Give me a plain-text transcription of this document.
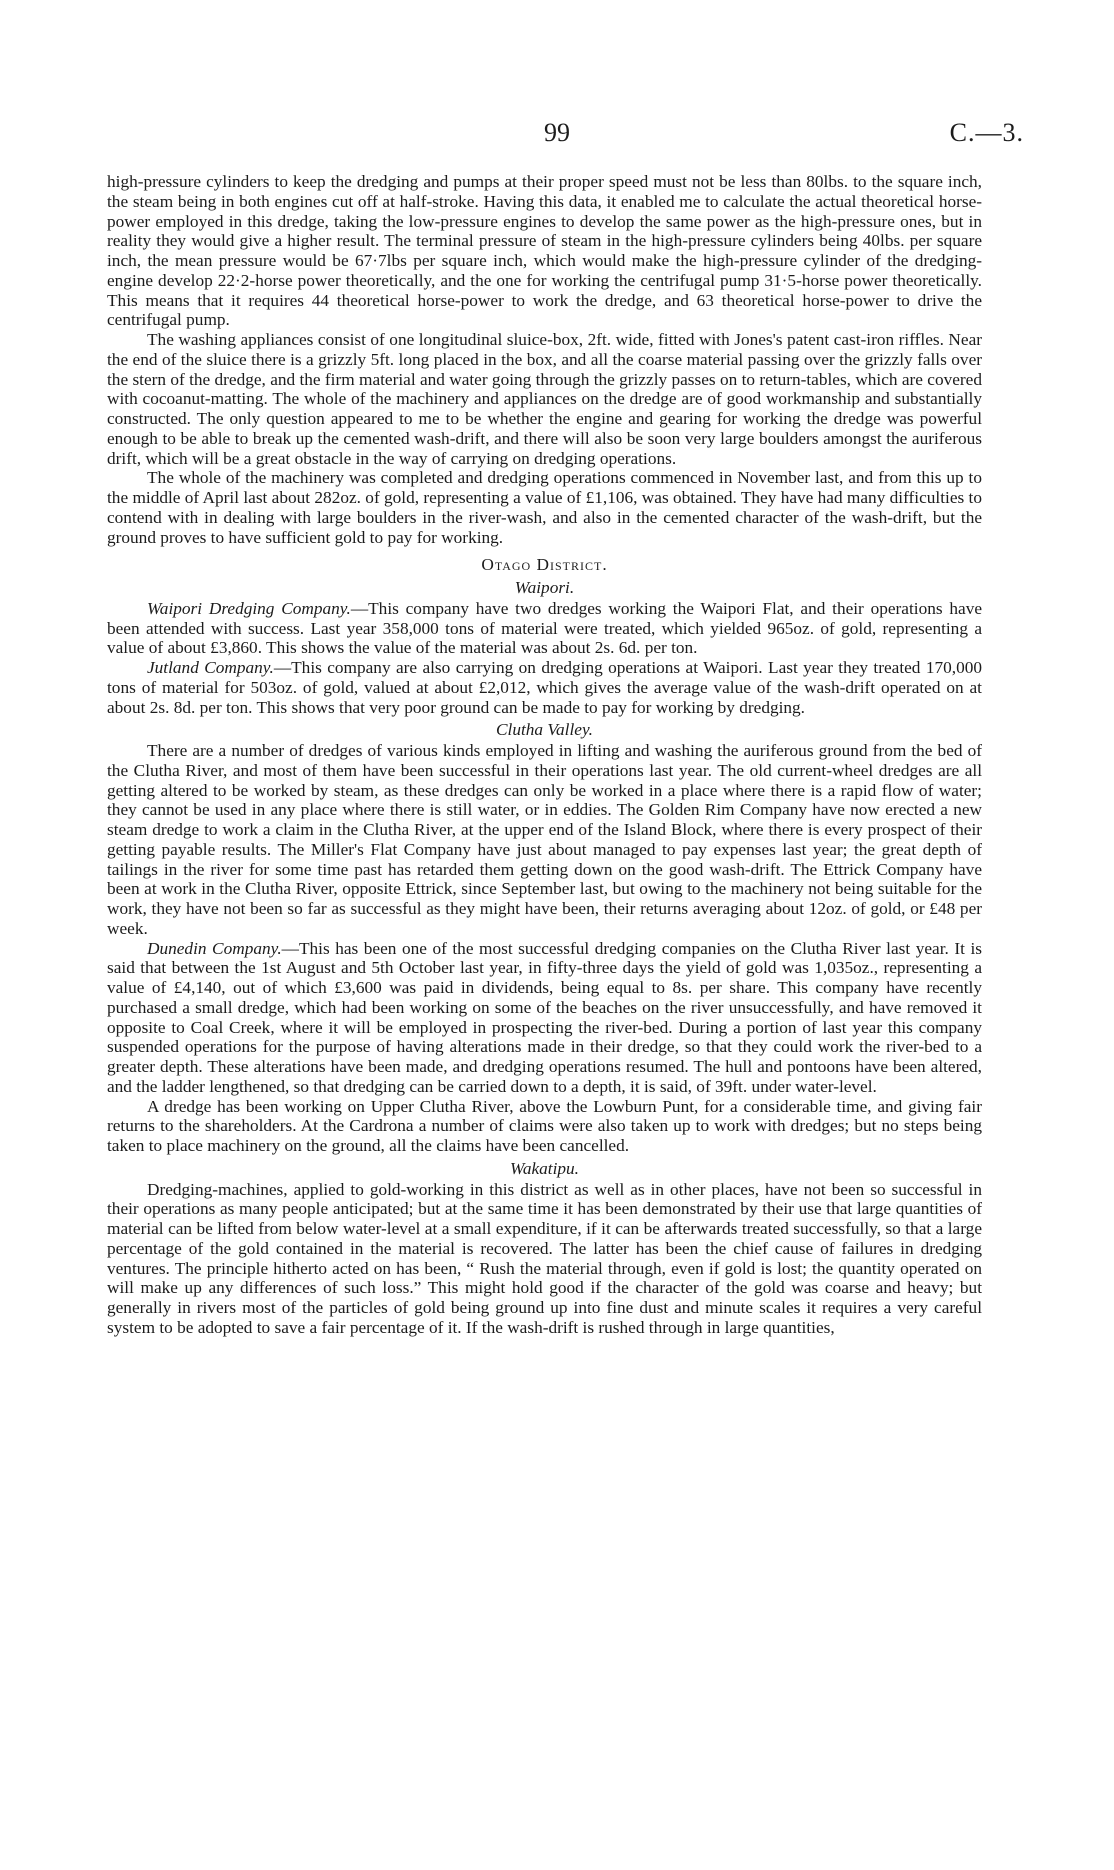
99	C.—3.

high-pressure cylinders to keep the dredging and pumps at their proper speed must not be less than 80lbs. to the square inch, the steam being in both engines cut off at half-stroke. Having this data, it enabled me to calculate the actual theoretical horse-power employed in this dredge, taking the low-pressure engines to develop the same power as the high-pressure ones, but in reality they would give a higher result. The terminal pressure of steam in the high-pressure cylinders being 40lbs. per square inch, the mean pressure would be 67·7lbs per square inch, which would make the high-pressure cylinder of the dredging-engine develop 22·2-horse power theoretically, and the one for working the centrifugal pump 31·5-horse power theoretically. This means that it requires 44 theoretical horse-power to work the dredge, and 63 theoretical horse-power to drive the centrifugal pump.

The washing appliances consist of one longitudinal sluice-box, 2ft. wide, fitted with Jones's patent cast-iron riffles. Near the end of the sluice there is a grizzly 5ft. long placed in the box, and all the coarse material passing over the grizzly falls over the stern of the dredge, and the firm material and water going through the grizzly passes on to return-tables, which are covered with cocoanut-matting. The whole of the machinery and appliances on the dredge are of good workmanship and substantially constructed. The only question appeared to me to be whether the engine and gearing for working the dredge was powerful enough to be able to break up the cemented wash-drift, and there will also be soon very large boulders amongst the auriferous drift, which will be a great obstacle in the way of carrying on dredging operations.

The whole of the machinery was completed and dredging operations commenced in November last, and from this up to the middle of April last about 282oz. of gold, representing a value of £1,106, was obtained. They have had many difficulties to contend with in dealing with large boulders in the river-wash, and also in the cemented character of the wash-drift, but the ground proves to have sufficient gold to pay for working.

Otago District.
Waipori.

Waipori Dredging Company.—This company have two dredges working the Waipori Flat, and their operations have been attended with success. Last year 358,000 tons of material were treated, which yielded 965oz. of gold, representing a value of about £3,860. This shows the value of the material was about 2s. 6d. per ton.

Jutland Company.—This company are also carrying on dredging operations at Waipori. Last year they treated 170,000 tons of material for 503oz. of gold, valued at about £2,012, which gives the average value of the wash-drift operated on at about 2s. 8d. per ton. This shows that very poor ground can be made to pay for working by dredging.

Clutha Valley.

There are a number of dredges of various kinds employed in lifting and washing the auriferous ground from the bed of the Clutha River, and most of them have been successful in their operations last year. The old current-wheel dredges are all getting altered to be worked by steam, as these dredges can only be worked in a place where there is a rapid flow of water; they cannot be used in any place where there is still water, or in eddies. The Golden Rim Company have now erected a new steam dredge to work a claim in the Clutha River, at the upper end of the Island Block, where there is every prospect of their getting payable results. The Miller's Flat Company have just about managed to pay expenses last year; the great depth of tailings in the river for some time past has retarded them getting down on the good wash-drift. The Ettrick Company have been at work in the Clutha River, opposite Ettrick, since September last, but owing to the machinery not being suitable for the work, they have not been so far as successful as they might have been, their returns averaging about 12oz. of gold, or £48 per week.

Dunedin Company.—This has been one of the most successful dredging companies on the Clutha River last year. It is said that between the 1st August and 5th October last year, in fifty-three days the yield of gold was 1,035oz., representing a value of £4,140, out of which £3,600 was paid in dividends, being equal to 8s. per share. This company have recently purchased a small dredge, which had been working on some of the beaches on the river unsuccessfully, and have removed it opposite to Coal Creek, where it will be employed in prospecting the river-bed. During a portion of last year this company suspended operations for the purpose of having alterations made in their dredge, so that they could work the river-bed to a greater depth. These alterations have been made, and dredging operations resumed. The hull and pontoons have been altered, and the ladder lengthened, so that dredging can be carried down to a depth, it is said, of 39ft. under water-level.

A dredge has been working on Upper Clutha River, above the Lowburn Punt, for a considerable time, and giving fair returns to the shareholders. At the Cardrona a number of claims were also taken up to work with dredges; but no steps being taken to place machinery on the ground, all the claims have been cancelled.

Wakatipu.

Dredging-machines, applied to gold-working in this district as well as in other places, have not been so successful in their operations as many people anticipated; but at the same time it has been demonstrated by their use that large quantities of material can be lifted from below water-level at a small expenditure, if it can be afterwards treated successfully, so that a large percentage of the gold contained in the material is recovered. The latter has been the chief cause of failures in dredging ventures. The principle hitherto acted on has been, “ Rush the material through, even if gold is lost; the quantity operated on will make up any differences of such loss.” This might hold good if the character of the gold was coarse and heavy; but generally in rivers most of the particles of gold being ground up into fine dust and minute scales it requires a very careful system to be adopted to save a fair percentage of it. If the wash-drift is rushed through in large quantities,
